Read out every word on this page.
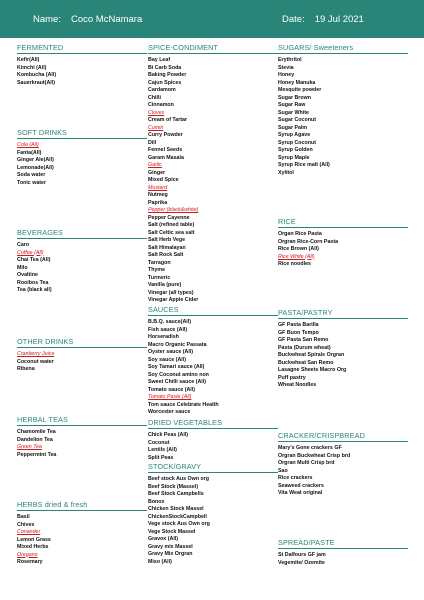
Name: Coco McNamara	Date: 19 Jul 2021
FERMENTED
Kefir(All)
Kimchi (All)
Kombucha (All)
Sauerkraut(All)
SOFT DRINKS
Cola (All)
Fanta(All)
Ginger Ale(All)
Lemonade(All)
Soda water
Tonic water
BEVERAGES
Caro
Coffee (All)
Chai Tea (All)
Milo
Ovaltine
Rooibos Tea
Tea (black all)
OTHER DRINKS
Cranberry Juice
Coconut water
Ribena
HERBAL TEAS
Chamomile Tea
Dandelion Tea
Green Tea
Peppermint Tea
HERBS dried & fresh
Basil
Chives
Coriander
Lemon Grass
Mixed Herbs
Oregano
Rosemary
SPICE-CONDIMENT
Bay Leaf
Bi Carb Soda
Baking Powder
Cajun Spices
Cardamom
Chilli
Cinnamon
Cloves
Cream of Tartar
Cumin
Curry Powder
Dill
Fennel Seeds
Garam Masala
Garlic
Ginger
Mixed Spice
Mustard
Nutmeg
Paprika
Pepper (black&white)
Pepper Cayenne
Salt (refined table)
Salt Celtic sea salt
Salt Herb Vege
Salt Himalayan
Salt Rock Salt
Tarragon
Thyme
Turmeric
Vanilla (pure)
Vinegar (all types)
Vinegar Apple Cider
SAUCES
B.B.Q. sauce(All)
Fish sauce (All)
Horseradish
Macro Organic Passata
Oyster sauce (All)
Soy sauce (All)
Soy Tamari sauce (All)
Soy Coconut amino non
Sweet Chilli sauce (All)
Tomato sauce (All)
Tomato Paste (All)
Tom sauce Celebrate Health
Worcester sauce
DRIED VEGETABLES
Chick Peas (All)
Coconut
Lentils (All)
Split Peas
STOCK/GRAVY
Beef stock Aus Own org
Beef Stock (Massel)
Beef Stock Campbells
Bonox
Chicken Stock Massel
ChickenStockCampbell
Vege stock Aus Own org
Vege Stock Massel
Gravox (All)
Gravy mix Massel
Gravy Mix Orgran
Miso (All)
SUGARS/ Sweeteners
Erythritol
Stevia
Honey
Honey Manuka
Mesquite powder
Sugar Brown
Sugar Raw
Sugar White
Sugar Coconut
Sugar Palm
Syrup Agave
Syrup Coconut
Syrup Golden
Syrup Maple
Syrup Rice malt (All)
Xylitol
RICE
Organ Rice Pasta
Orgran Rice-Corn Pasta
Rice Brown (All)
Rice White (All)
Rice noodles
PASTA/PASTRY
GF Pasta Barilla
GF Buon Tempo
GF Pasta San Remo
Pasta (Durum wheat)
Buckwheat Spirals Orgran
Buckwheat San Remo
Lasagne Sheets Macro Org
Puff pastry
Wheat Noodles
CRACKER/CRISPBREAD
Mary's Gone crackers GF
Orgran Buckwheat Crisp brd
Orgran Multi Crisp brd
Sao
Rice crackers
Seaweed crackers
Vita Weat original
SPREAD/PASTE
St Dalfours GF jam
Vegemite/ Ozemite
